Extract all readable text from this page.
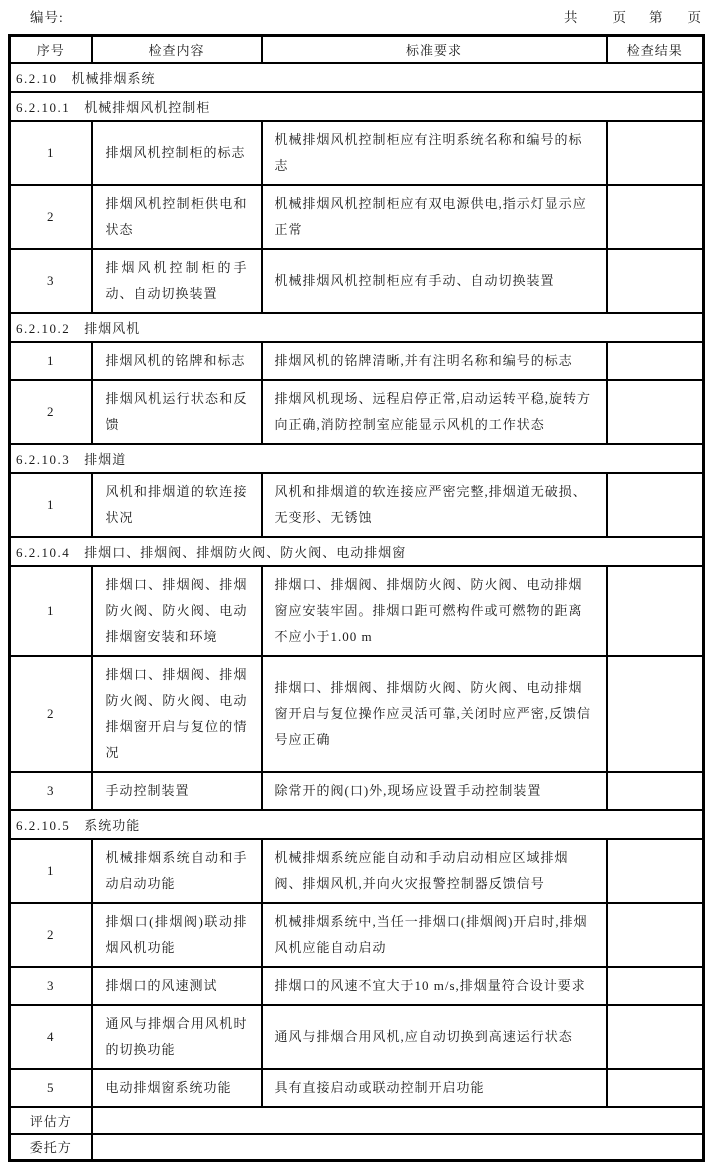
编号:	共	页 第 页
序号	检查内容	标准要求	检查结果
6.2.10 机械排烟系统			
6.2.10.1 机械排烟风机控制柜			
1	排烟风机控制柜的标志	机械排烟风机控制柜应有注明系统名称和编号的标志	
2	排烟风机控制柜供电和状态	机械排烟风机控制柜应有双电源供电,指示灯显示应正常	
3	排烟风机控制柜的手动、自动切换装置	机械排烟风机控制柜应有手动、自动切换装置	
6.2.10.2 排烟风机			
1	排烟风机的铭牌和标志	排烟风机的铭牌清晰,并有注明名称和编号的标志	
2	排烟风机运行状态和反馈	排烟风机现场、远程启停正常,启动运转平稳,旋转方向正确,消防控制室应能显示风机的工作状态	
6.2.10.3 排烟道			
1	风机和排烟道的软连接状况	风机和排烟道的软连接应严密完整,排烟道无破损、无变形、无锈蚀	
6.2.10.4 排烟口、排烟阀、排烟防火阀、防火阀、电动排烟窗			
1	排烟口、排烟阀、排烟防火阀、防火阀、电动排烟窗安装和环境	排烟口、排烟阀、排烟防火阀、防火阀、电动排烟窗应安装牢固。排烟口距可燃构件或可燃物的距离不应小于1.00 m	
2	排烟口、排烟阀、排烟防火阀、防火阀、电动排烟窗开启与复位的情况	排烟口、排烟阀、排烟防火阀、防火阀、电动排烟窗开启与复位操作应灵活可靠,关闭时应严密,反馈信号应正确	
3	手动控制装置	除常开的阀(口)外,现场应设置手动控制装置	
6.2.10.5 系统功能			
1	机械排烟系统自动和手动启动功能	机械排烟系统应能自动和手动启动相应区域排烟阀、排烟风机,并向火灾报警控制器反馈信号	
2	排烟口(排烟阀)联动排烟风机功能	机械排烟系统中,当任一排烟口(排烟阀)开启时,排烟风机应能自动启动	
3	排烟口的风速测试	排烟口的风速不宜大于10 m/s,排烟量符合设计要求	
4	通风与排烟合用风机时的切换功能	通风与排烟合用风机,应自动切换到高速运行状态	
5	电动排烟窗系统功能	具有直接启动或联动控制开启功能	
评估方			
委托方			
